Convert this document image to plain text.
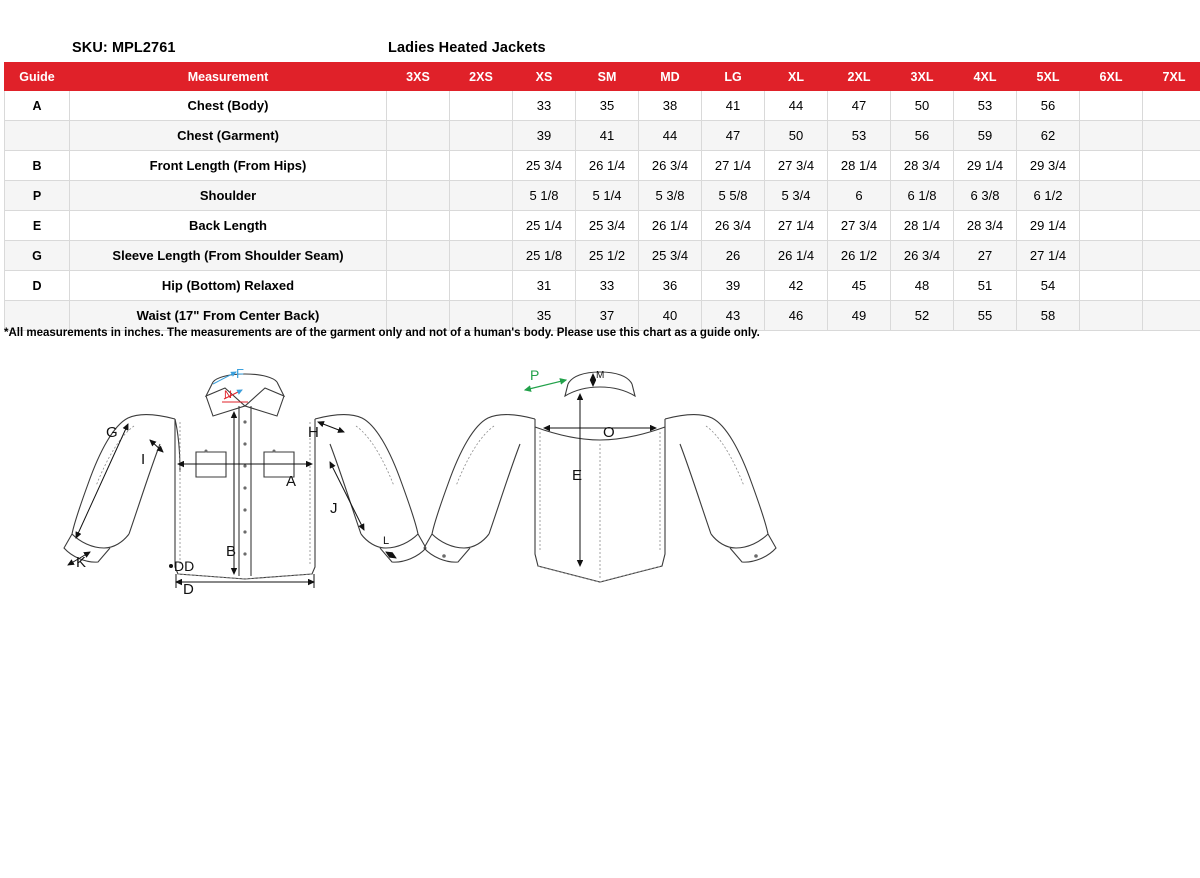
SKU: MPL2761	Ladies Heated Jackets
Guide	Measurement	3XS	2XS	XS	SM	MD	LG	XL	2XL	3XL	4XL	5XL	6XL	7XL
A	Chest (Body)			33	35	38	41	44	47	50	53	56		
	Chest (Garment)			39	41	44	47	50	53	56	59	62		
B	Front Length (From Hips)			25 3/4	26 1/4	26 3/4	27 1/4	27 3/4	28 1/4	28 3/4	29 1/4	29 3/4		
P	Shoulder			5 1/8	5 1/4	5 3/8	5 5/8	5 3/4	6	6 1/8	6 3/8	6 1/2		
E	Back Length			25 1/4	25 3/4	26 1/4	26 3/4	27 1/4	27 3/4	28 1/4	28 3/4	29 1/4		
G	Sleeve Length (From Shoulder Seam)			25 1/8	25 1/2	25 3/4	26	26 1/4	26 1/2	26 3/4	27	27 1/4		
D	Hip (Bottom) Relaxed			31	33	36	39	42	45	48	51	54		
	Waist (17" From Center Back)			35	37	40	43	46	49	52	55	58		
*All measurements in inches. The measurements are of the garment only and not of a human's body. Please use this chart as a guide only.
G
I
A
H
J
B
K	DD
L
D
F
N
O
E
M
P
